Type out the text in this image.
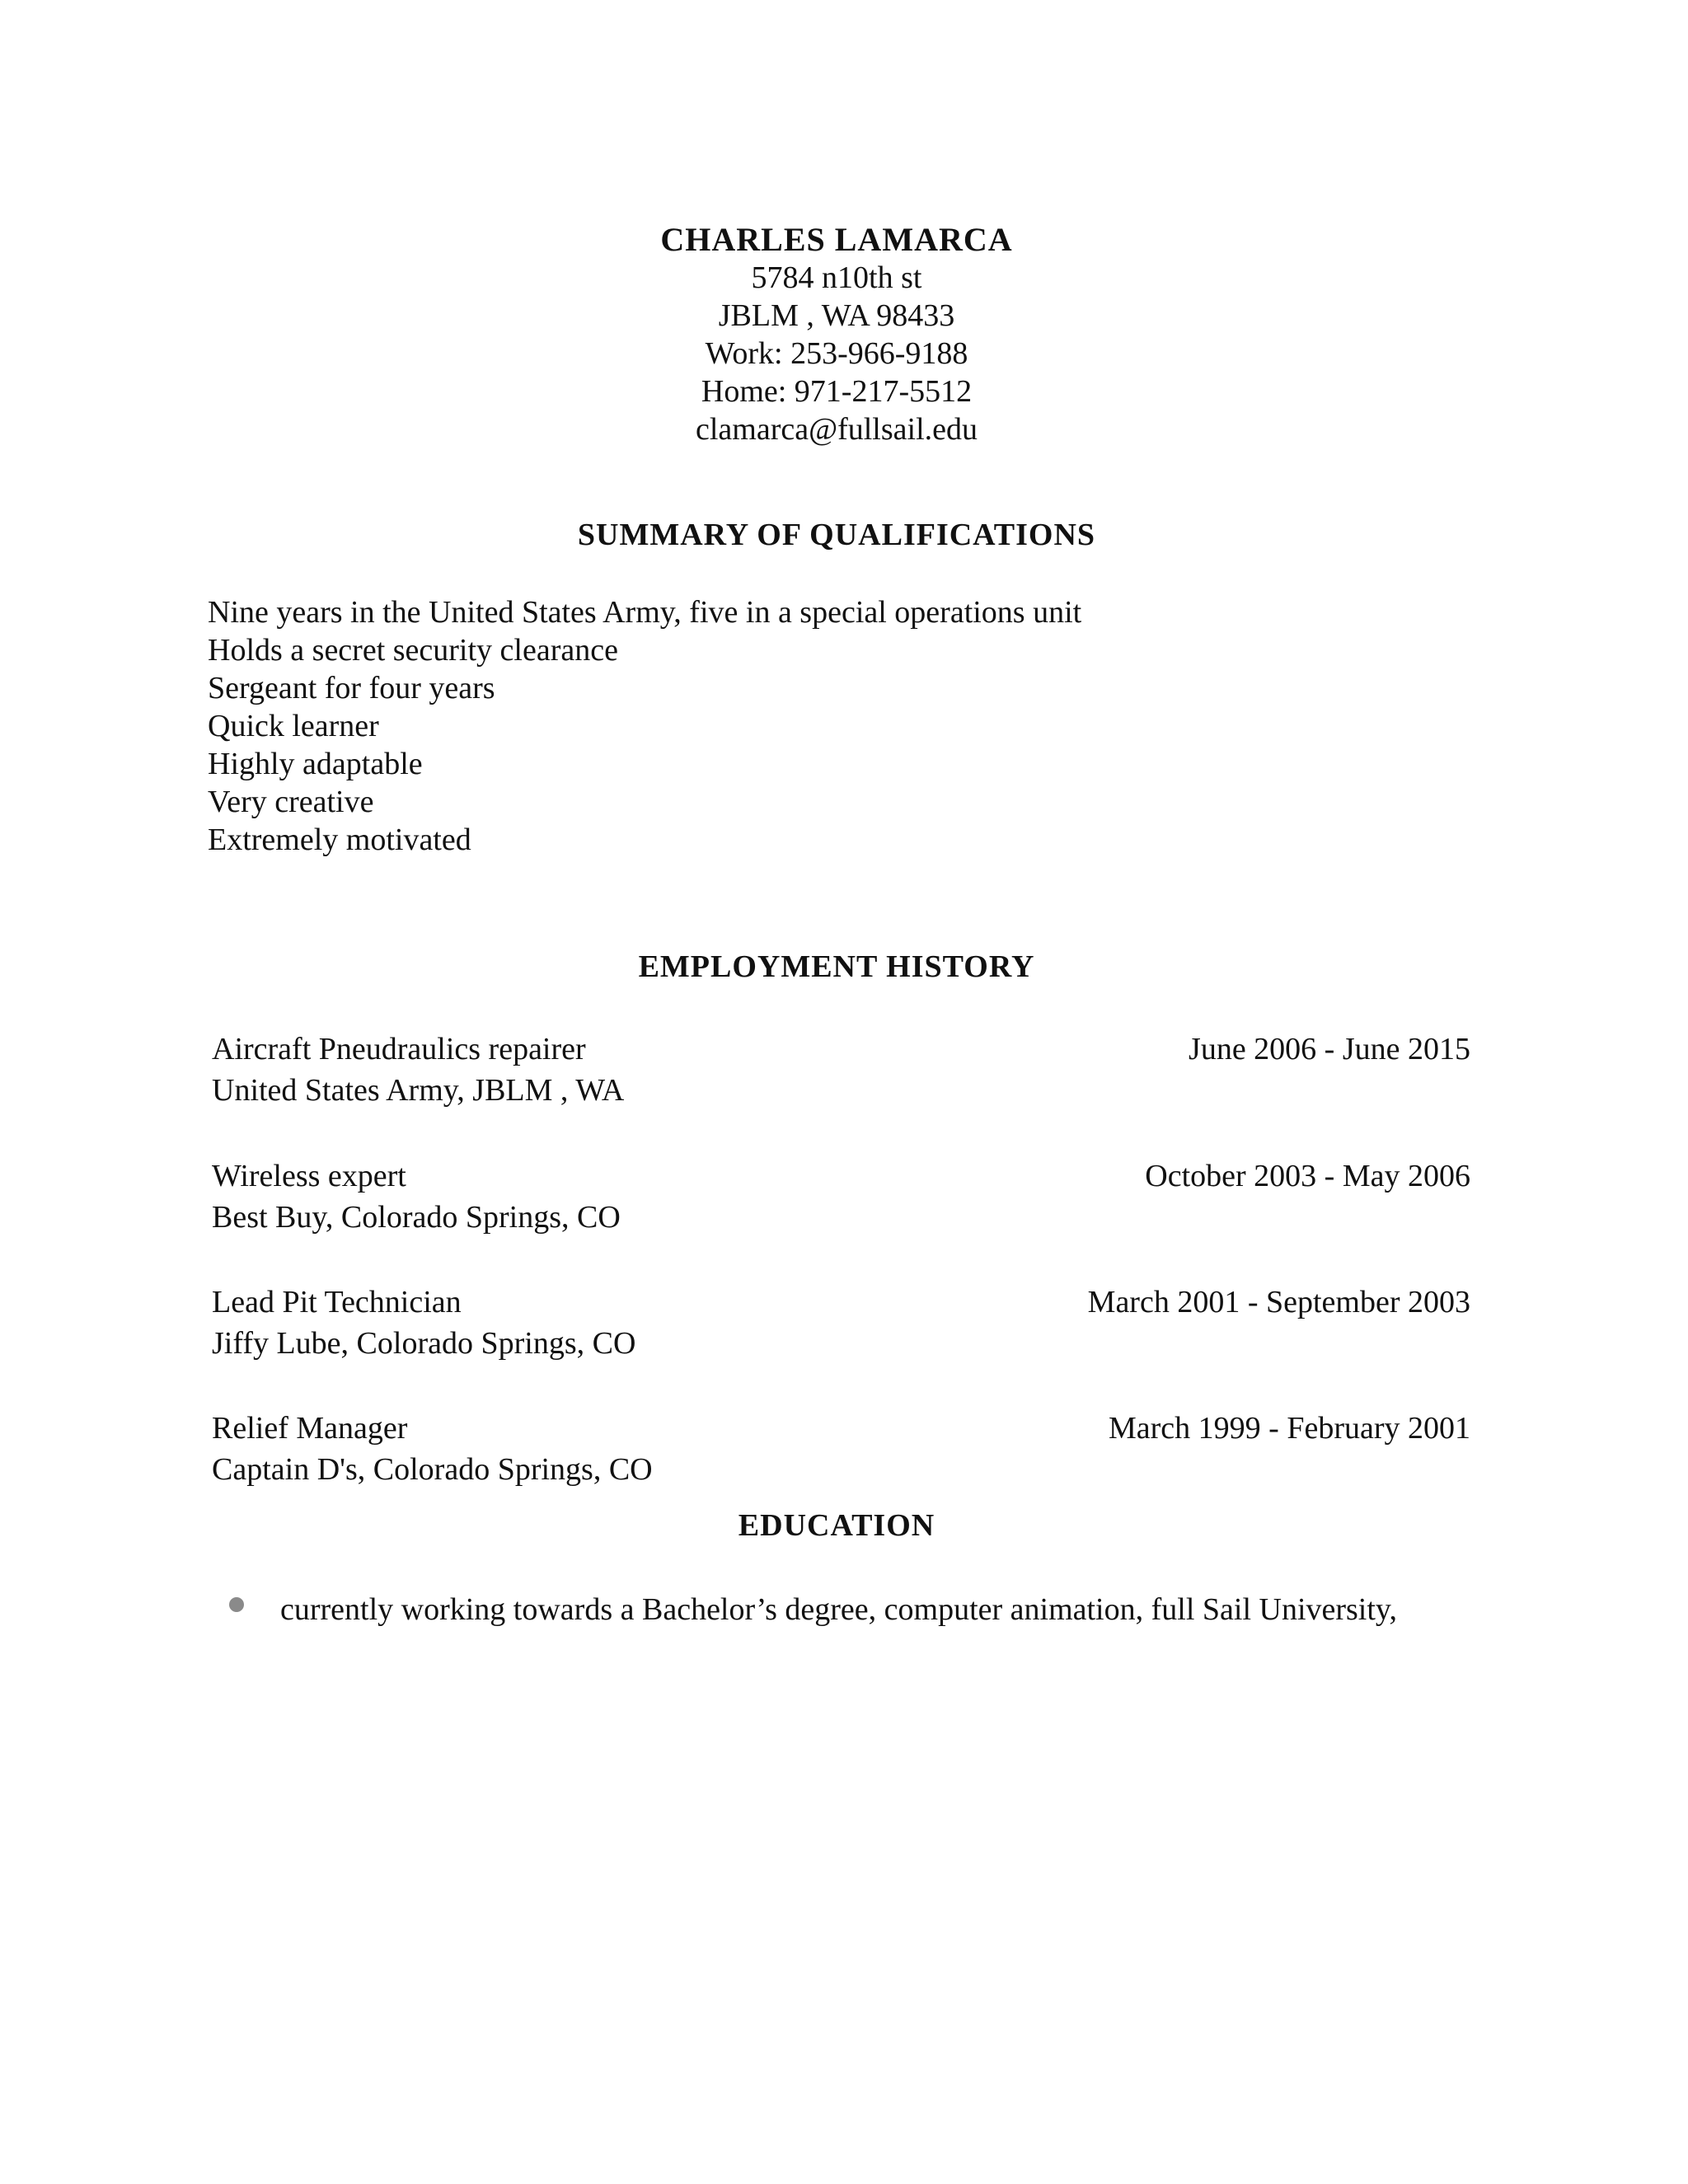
CHARLES LAMARCA
5784 n10th st
JBLM , WA 98433
Work: 253-966-9188
Home: 971-217-5512
clamarca@fullsail.edu
SUMMARY OF QUALIFICATIONS
Nine years in the United States Army, five in a special operations unit
Holds a secret security clearance
Sergeant for four years
Quick learner
Highly adaptable
Very creative
Extremely motivated
EMPLOYMENT HISTORY
Aircraft Pneudraulics repairer	June 2006 - June 2015
United States Army, JBLM , WA
Wireless expert	October 2003 - May 2006
Best Buy, Colorado Springs, CO
Lead Pit Technician	March 2001 - September 2003
Jiffy Lube, Colorado Springs, CO
Relief Manager	March 1999 - February 2001
Captain D's, Colorado Springs, CO
EDUCATION
currently working towards a Bachelor’s degree, computer animation, full Sail University,
